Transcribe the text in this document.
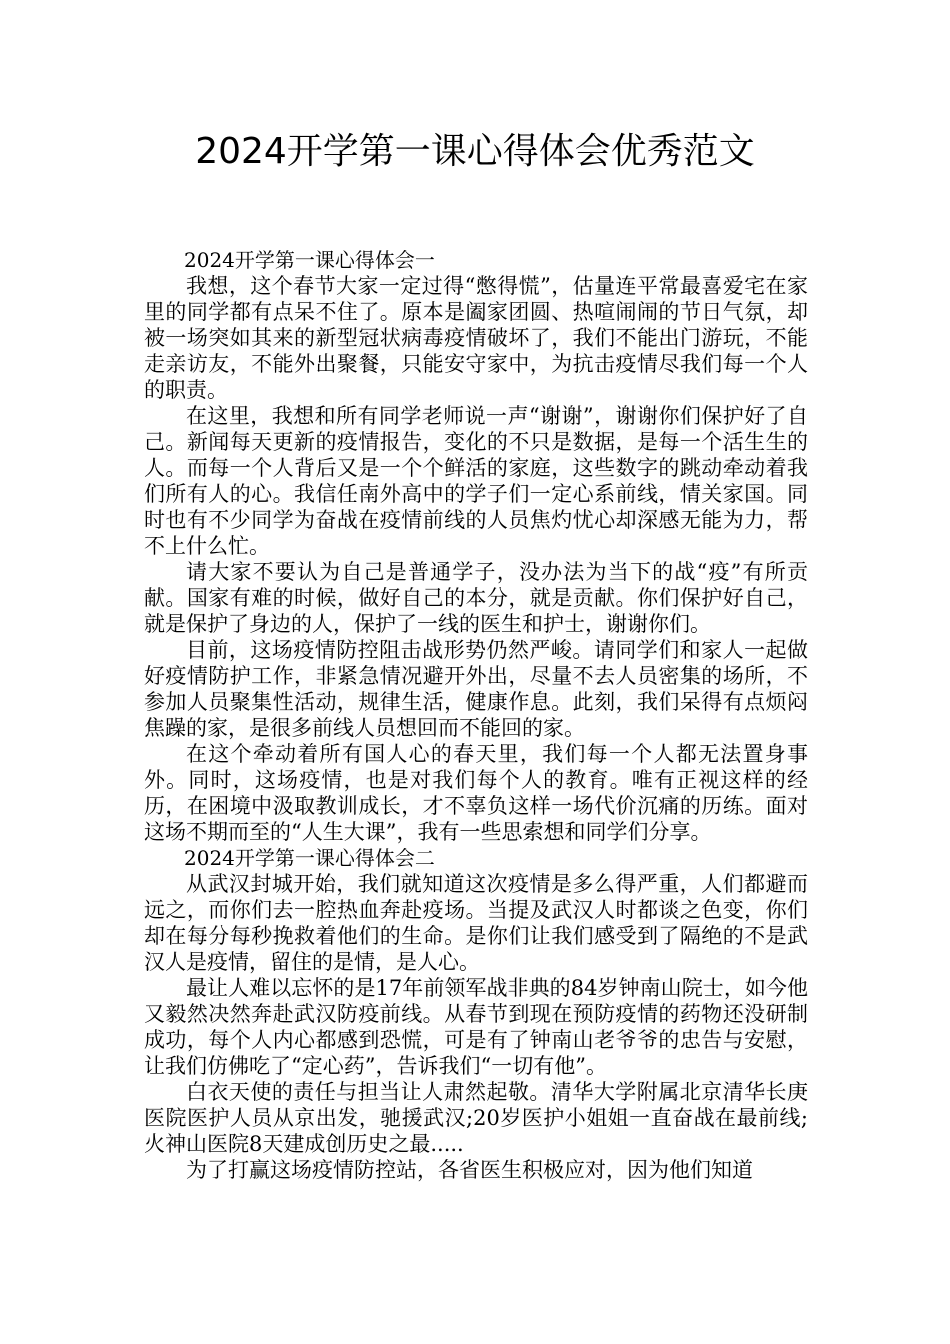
2024开学第一课心得体会优秀范文

2024开学第一课心得体会一

我想，这个春节大家一定过得“憋得慌”，估量连平常最喜爱宅在家里的同学都有点呆不住了。原本是阖家团圆、热喧闹闹的节日气氛，却被一场突如其来的新型冠状病毒疫情破坏了，我们不能出门游玩，不能走亲访友，不能外出聚餐，只能安守家中，为抗击疫情尽我们每一个人的职责。

在这里，我想和所有同学老师说一声“谢谢”，谢谢你们保护好了自己。新闻每天更新的疫情报告，变化的不只是数据，是每一个活生生的人。而每一个人背后又是一个个鲜活的家庭，这些数字的跳动牵动着我们所有人的心。我信任南外高中的学子们一定心系前线，情关家国。同时也有不少同学为奋战在疫情前线的人员焦灼忧心却深感无能为力，帮不上什么忙。

请大家不要认为自己是普通学子，没办法为当下的战“疫”有所贡献。国家有难的时候，做好自己的本分，就是贡献。你们保护好自己，就是保护了身边的人，保护了一线的医生和护士，谢谢你们。

目前，这场疫情防控阻击战形势仍然严峻。请同学们和家人一起做好疫情防护工作，非紧急情况避开外出，尽量不去人员密集的场所，不参加人员聚集性活动，规律生活，健康作息。此刻，我们呆得有点烦闷焦躁的家，是很多前线人员想回而不能回的家。

在这个牵动着所有国人心的春天里，我们每一个人都无法置身事外。同时，这场疫情，也是对我们每个人的教育。唯有正视这样的经历，在困境中汲取教训成长，才不辜负这样一场代价沉痛的历练。面对这场不期而至的“人生大课”，我有一些思索想和同学们分享。

2024开学第一课心得体会二

从武汉封城开始，我们就知道这次疫情是多么得严重，人们都避而远之，而你们去一腔热血奔赴疫场。当提及武汉人时都谈之色变，你们却在每分每秒挽救着他们的生命。是你们让我们感受到了隔绝的不是武汉人是疫情，留住的是情，是人心。

最让人难以忘怀的是17年前领军战非典的84岁钟南山院士，如今他又毅然决然奔赴武汉防疫前线。从春节到现在预防疫情的药物还没研制成功，每个人内心都感到恐慌，可是有了钟南山老爷爷的忠告与安慰，让我们仿佛吃了“定心药”，告诉我们“一切有他”。

白衣天使的责任与担当让人肃然起敬。清华大学附属北京清华长庚医院医护人员从京出发，驰援武汉;20岁医护小姐姐一直奋战在最前线;火神山医院8天建成创历史之最.....

为了打赢这场疫情防控站，各省医生积极应对，因为他们知道
